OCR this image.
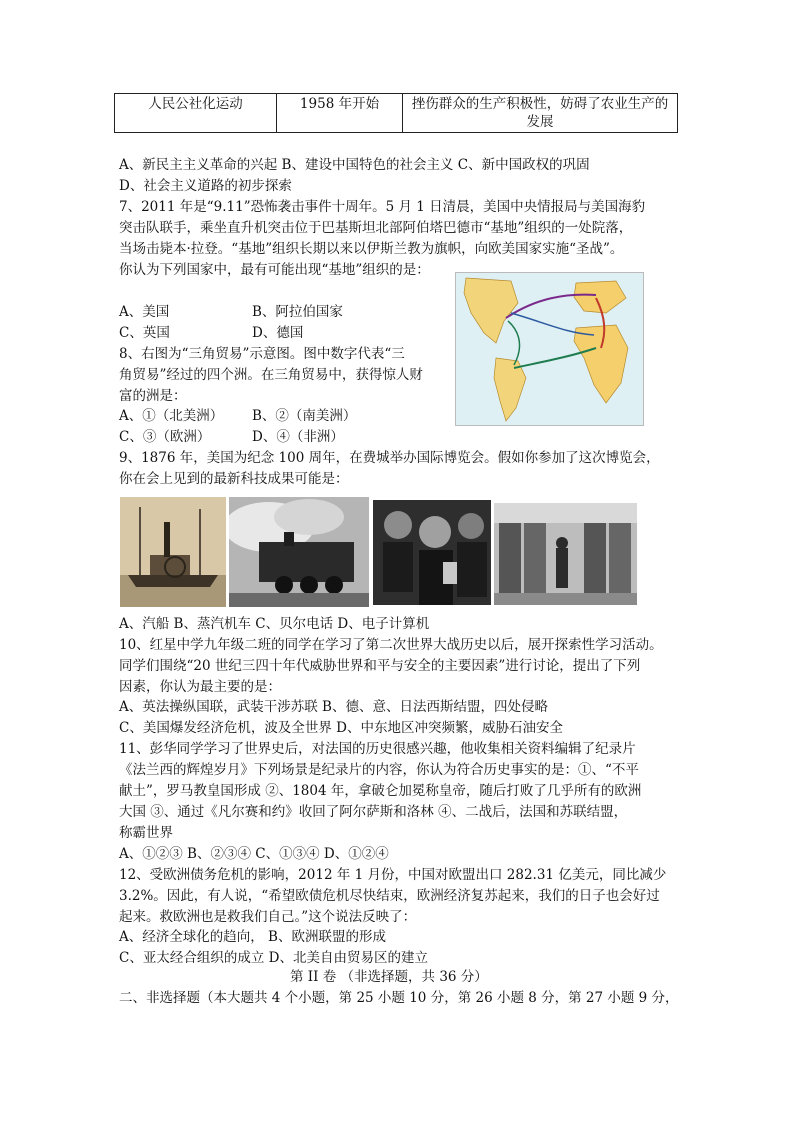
人民公社化运动	1958 年开始	挫伤群众的生产积极性，妨碍了农业生产的
发展
A、新民主主义革命的兴起 B、建设中国特色的社会主义 C、新中国政权的巩固
D、社会主义道路的初步探索
7、2011 年是“9.11”恐怖袭击事件十周年。5 月 1 日清晨，美国中央情报局与美国海豹
突击队联手，乘坐直升机突击位于巴基斯坦北部阿伯塔巴德市“基地”组织的一处院落，
当场击毙本·拉登。“基地”组织长期以来以伊斯兰教为旗帜，向欧美国家实施“圣战”。
你认为下列国家中，最有可能出现“基地”组织的是：
A、美国	B、阿拉伯国家
C、英国	D、德国
8、右图为“三角贸易”示意图。图中数字代表“三
角贸易”经过的四个洲。在三角贸易中，获得惊人财
富的洲是：
A、①（北美洲） B、②（南美洲）
C、③（欧洲）	D、④（非洲）
9、1876 年，美国为纪念 100 周年，在费城举办国际博览会。假如你参加了这次博览会，
你在会上见到的最新科技成果可能是：
A、汽船 B、蒸汽机车 C、贝尔电话 D、电子计算机
10、红星中学九年级二班的同学在学习了第二次世界大战历史以后，展开探索性学习活动。
同学们围绕“20 世纪三四十年代威胁世界和平与安全的主要因素”进行讨论，提出了下列
因素，你认为最主要的是：
A、英法操纵国联，武装干涉苏联 B、德、意、日法西斯结盟，四处侵略
C、美国爆发经济危机，波及全世界 D、中东地区冲突频繁，威胁石油安全
11、彭华同学学习了世界史后，对法国的历史很感兴趣，他收集相关资料编辑了纪录片
《法兰西的辉煌岁月》下列场景是纪录片的内容，你认为符合历史事实的是：①、“不平
献土”，罗马教皇国形成 ②、1804 年，拿破仑加冕称皇帝，随后打败了几乎所有的欧洲
大国 ③、通过《凡尔赛和约》收回了阿尔萨斯和洛林 ④、二战后，法国和苏联结盟，
称霸世界
A、①②③ B、②③④ C、①③④ D、①②④
12、受欧洲债务危机的影响，2012 年 1 月份，中国对欧盟出口 282.31 亿美元，同比减少
3.2%。因此，有人说，“希望欧债危机尽快结束，欧洲经济复苏起来，我们的日子也会好过
起来。救欧洲也是救我们自己。”这个说法反映了：
A、经济全球化的趋向， B、欧洲联盟的形成
C、亚太经合组织的成立 D、北美自由贸易区的建立
第 II 卷 （非选择题，共 36 分）
二、非选择题（本大题共 4 个小题，第 25 小题 10 分，第 26 小题 8 分，第 27 小题 9 分，
